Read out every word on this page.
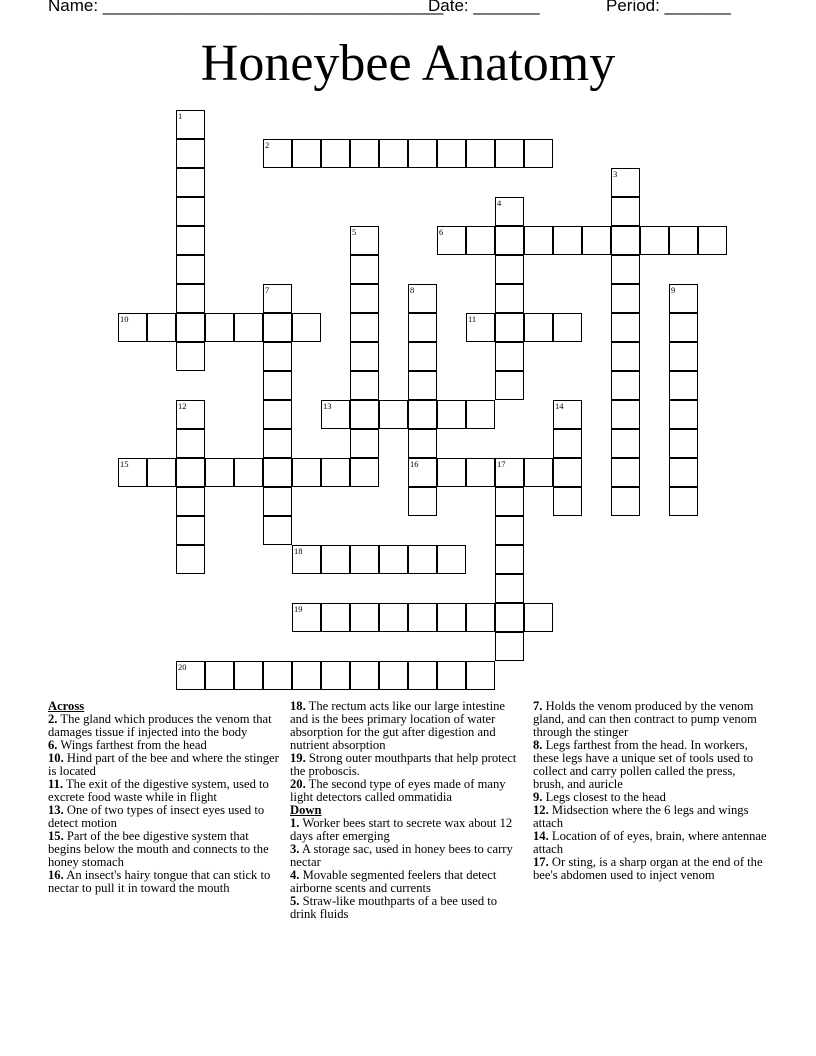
Name: ____________________________________
Date: _______	Period: _______
Honeybee Anatomy
1
2
3
4
5	6
7	8	9
10	11
12	13	14
15	16	17
18
19
20
Across
2. The gland which produces the venom that damages tissue if injected into the body
6. Wings farthest from the head
10. Hind part of the bee and where the stinger is located
11. The exit of the digestive system, used to excrete food waste while in flight
13. One of two types of insect eyes used to detect motion
15. Part of the bee digestive system that begins below the mouth and connects to the honey stomach
16. An insect's hairy tongue that can stick to nectar to pull it in toward the mouth
18. The rectum acts like our large intestine and is the bees primary location of water absorption for the gut after digestion and nutrient absorption
19. Strong outer mouthparts that help protect the proboscis.
20. The second type of eyes made of many light detectors called ommatidia
Down
1. Worker bees start to secrete wax about 12 days after emerging
3. A storage sac, used in honey bees to carry nectar
4. Movable segmented feelers that detect airborne scents and currents
5. Straw-like mouthparts of a bee used to drink fluids
7. Holds the venom produced by the venom gland, and can then contract to pump venom through the stinger
8. Legs farthest from the head. In workers, these legs have a unique set of tools used to collect and carry pollen called the press, brush, and auricle
9. Legs closest to the head
12. Midsection where the 6 legs and wings attach
14. Location of of eyes, brain, where antennae attach
17. Or sting, is a sharp organ at the end of the bee's abdomen used to inject venom
